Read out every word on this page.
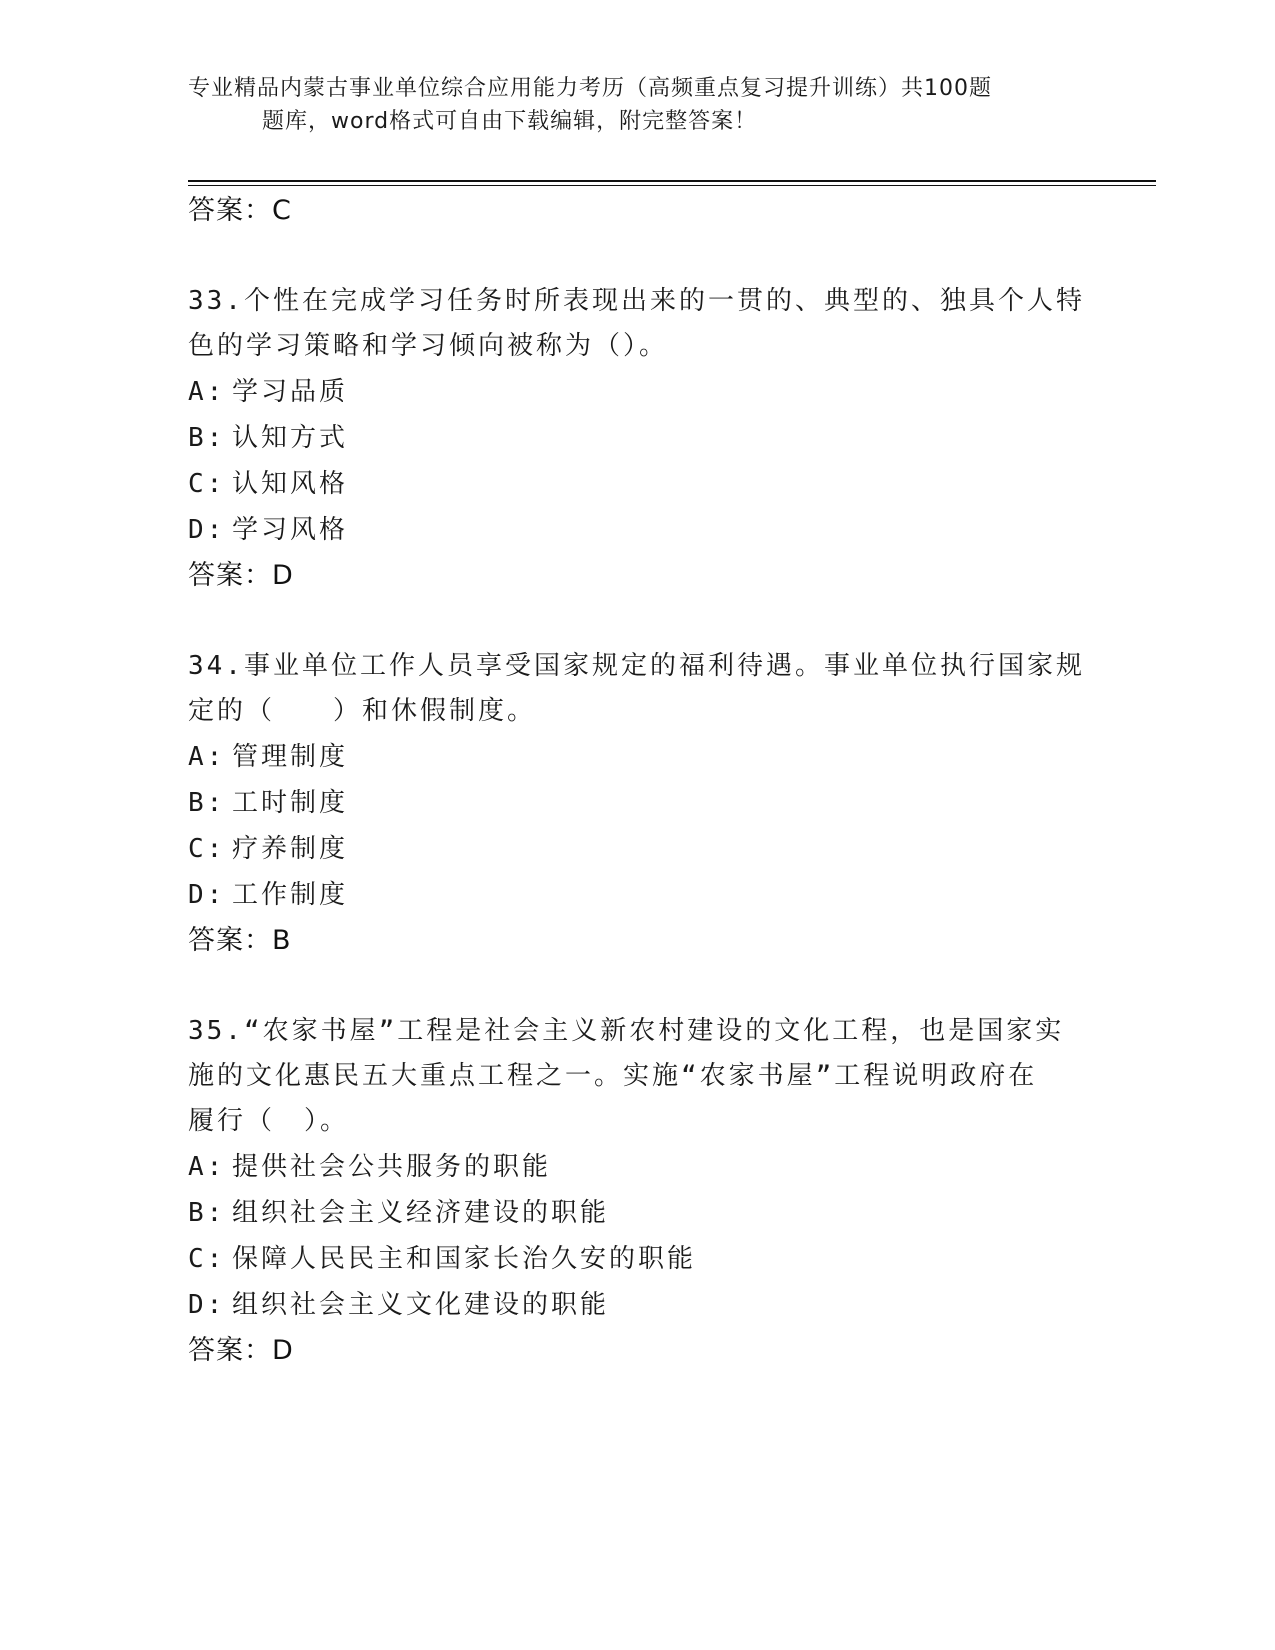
专业精品内蒙古事业单位综合应用能力考历（高频重点复习提升训练）共100题
题库，word格式可自由下载编辑，附完整答案！
答案：C
33.个性在完成学习任务时所表现出来的一贯的、典型的、独具个人特
色的学习策略和学习倾向被称为（）。
A: 学习品质
B: 认知方式
C: 认知风格
D: 学习风格
答案：D
34.事业单位工作人员享受国家规定的福利待遇。事业单位执行国家规
定的（　　）和休假制度。
A: 管理制度
B: 工时制度
C: 疗养制度
D: 工作制度
答案：B
35.“农家书屋”工程是社会主义新农村建设的文化工程，也是国家实
施的文化惠民五大重点工程之一。实施“农家书屋”工程说明政府在
履行（　）。
A: 提供社会公共服务的职能
B: 组织社会主义经济建设的职能
C: 保障人民民主和国家长治久安的职能
D: 组织社会主义文化建设的职能
答案：D
